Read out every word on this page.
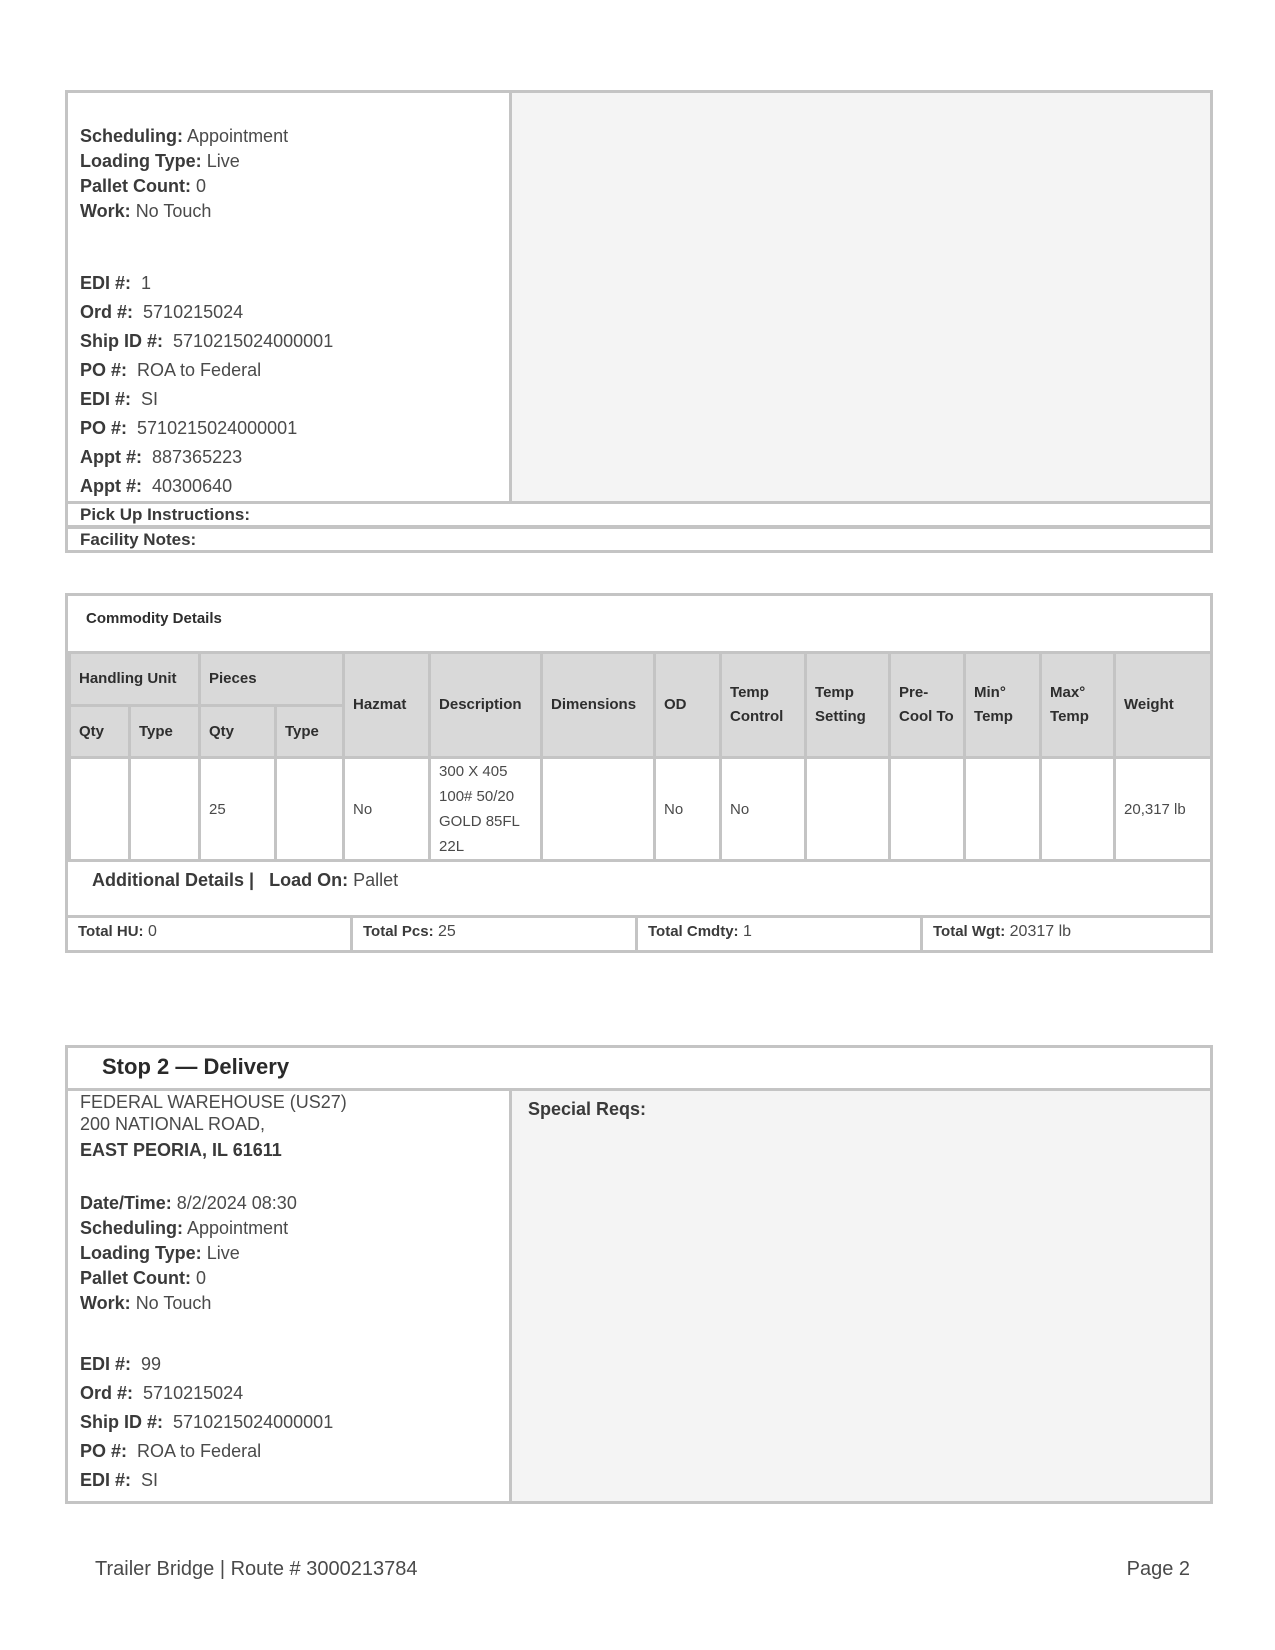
Scheduling: Appointment
Loading Type: Live
Pallet Count: 0
Work: No Touch
EDI #: 1
Ord #: 5710215024
Ship ID #: 5710215024000001
PO #: ROA to Federal
EDI #: SI
PO #: 5710215024000001
Appt #: 887365223
Appt #: 40300640
Pick Up Instructions:
Facility Notes:
Commodity Details
Handling Unit		Pieces		Hazmat	Description	Dimensions	OD	Temp Control	Temp Setting	Pre- Cool To	Min° Temp	Max° Temp	Weight
Qty	Type	Qty	Type										
		25		No	300 X 405 100# 50/20 GOLD 85FL 22L		No	No					20,317 lb
Additional Details | Load On: Pallet
Total HU: 0	Total Pcs: 25	Total Cmdty: 1	Total Wgt: 20317 lb
Stop 2 — Delivery
FEDERAL WAREHOUSE (US27)
200 NATIONAL ROAD,
EAST PEORIA, IL 61611
Date/Time: 8/2/2024 08:30
Scheduling: Appointment
Loading Type: Live
Pallet Count: 0
Work: No Touch
EDI #: 99
Ord #: 5710215024
Ship ID #: 5710215024000001
PO #: ROA to Federal
EDI #: SI
Special Reqs:
Trailer Bridge | Route # 3000213784	Page 2
